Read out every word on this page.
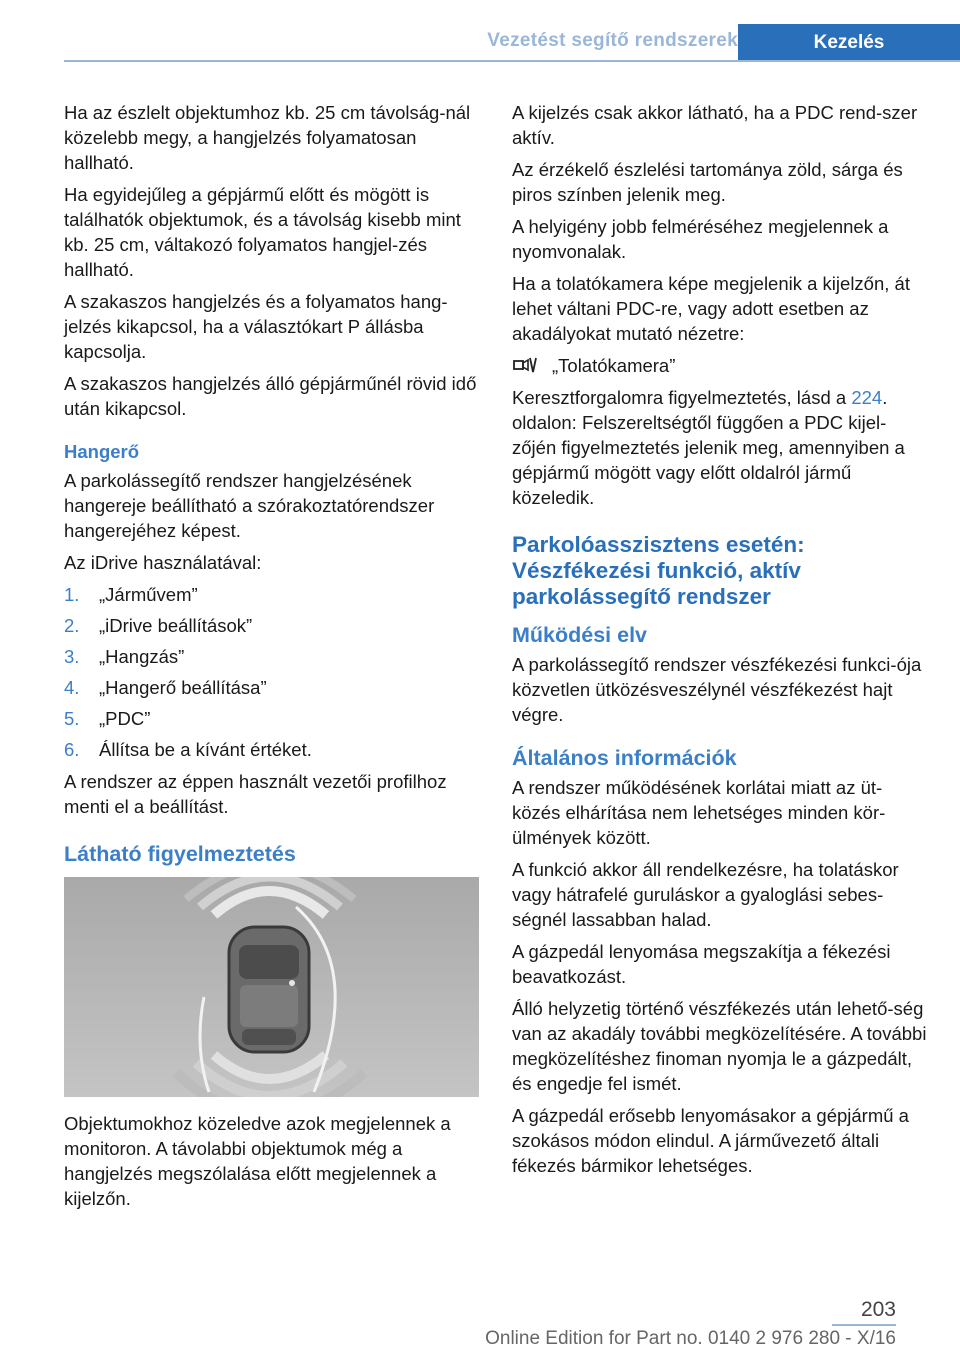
Vezetést segítő rendszerek	Kezelés

Ha az észlelt objektumhoz kb. 25 cm távolság‐nál közelebb megy, a hangjelzés folyamatosan hallható.

Ha egyidejűleg a gépjármű előtt és mögött is találhatók objektumok, és a távolság kisebb mint kb. 25 cm, váltakozó folyamatos hangjel‐zés hallható.

A szakaszos hangjelzés és a folyamatos hang‐jelzés kikapcsol, ha a választókart P állásba kapcsolja.

A szakaszos hangjelzés álló gépjárműnél rövid idő után kikapcsol.

Hangerő

A parkolássegítő rendszer hangjelzésének hangereje beállítható a szórakoztatórendszer hangerejéhez képest.

Az iDrive használatával:

1. „Járművem”
2. „iDrive beállítások”
3. „Hangzás”
4. „Hangerő beállítása”
5. „PDC”
6. Állítsa be a kívánt értéket.

A rendszer az éppen használt vezetői profilhoz menti el a beállítást.

Látható figyelmeztetés

Objektumokhoz közeledve azok megjelennek a monitoron. A távolabbi objektumok még a hangjelzés megszólalása előtt megjelennek a kijelzőn.

A kijelzés csak akkor látható, ha a PDC rend‐szer aktív.

Az érzékelő észlelési tartománya zöld, sárga és piros színben jelenik meg.

A helyigény jobb felméréséhez megjelennek a nyomvonalak.

Ha a tolatókamera képe megjelenik a kijelzőn, át lehet váltani PDC-re, vagy adott esetben az akadályokat mutató nézetre:

„Tolatókamera”

Keresztforgalomra figyelmeztetés, lásd a 224. oldalon: Felszereltségtől függően a PDC kijel‐zőjén figyelmeztetés jelenik meg, amennyiben a gépjármű mögött vagy előtt oldalról jármű közeledik.

Parkolóasszisztens esetén: Vészfékezési funkció, aktív parkolássegítő rendszer
Működési elv

A parkolássegítő rendszer vészfékezési funkci‐ója közvetlen ütközésveszélynél vészfékezést hajt végre.

Általános információk

A rendszer működésének korlátai miatt az üt‐közés elhárítása nem lehetséges minden kör‐ülmények között.

A funkció akkor áll rendelkezésre, ha tolatáskor vagy hátrafelé guruláskor a gyaloglási sebes‐ségnél lassabban halad.

A gázpedál lenyomása megszakítja a fékezési beavatkozást.

Álló helyzetig történő vészfékezés után lehető‐ség van az akadály további megközelítésére. A további megközelítéshez finoman nyomja le a gázpedált, és engedje fel ismét.

A gázpedál erősebb lenyomásakor a gépjármű a szokásos módon elindul. A járművezető általi fékezés bármikor lehetséges.

203
Online Edition for Part no. 0140 2 976 280 - X/16
